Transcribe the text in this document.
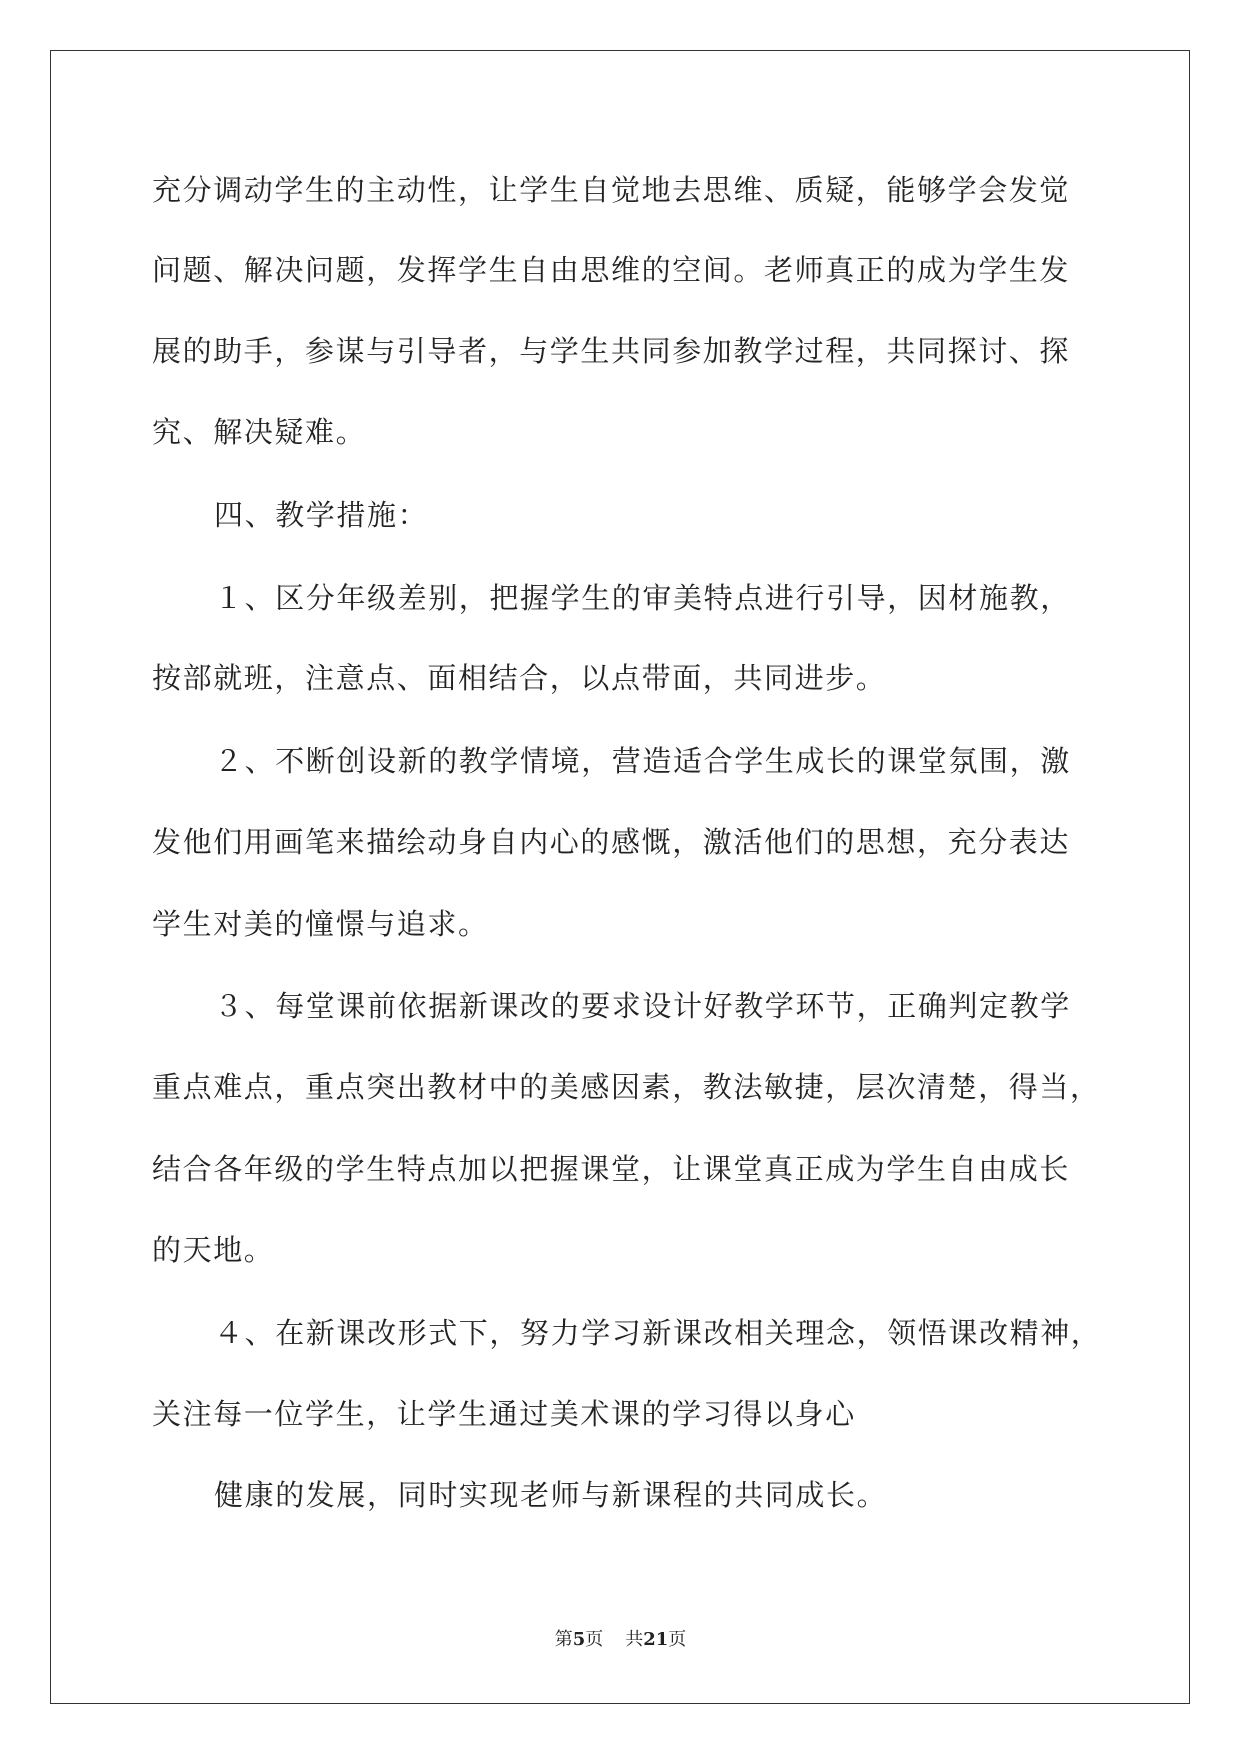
充分调动学生的主动性，让学生自觉地去思维、质疑，能够学会发觉
问题、解决问题，发挥学生自由思维的空间。老师真正的成为学生发
展的助手，参谋与引导者，与学生共同参加教学过程，共同探讨、探
究、解决疑难。
四、教学措施：
１、区分年级差别，把握学生的审美特点进行引导，因材施教，
按部就班，注意点、面相结合，以点带面，共同进步。
２、不断创设新的教学情境，营造适合学生成长的课堂氛围，激
发他们用画笔来描绘动身自内心的感慨，激活他们的思想，充分表达
学生对美的憧憬与追求。
３、每堂课前依据新课改的要求设计好教学环节，正确判定教学
重点难点，重点突出教材中的美感因素，教法敏捷，层次清楚，得当，
结合各年级的学生特点加以把握课堂，让课堂真正成为学生自由成长
的天地。
４、在新课改形式下，努力学习新课改相关理念，领悟课改精神，
关注每一位学生，让学生通过美术课的学习得以身心
健康的发展，同时实现老师与新课程的共同成长。
第5页 共21页
